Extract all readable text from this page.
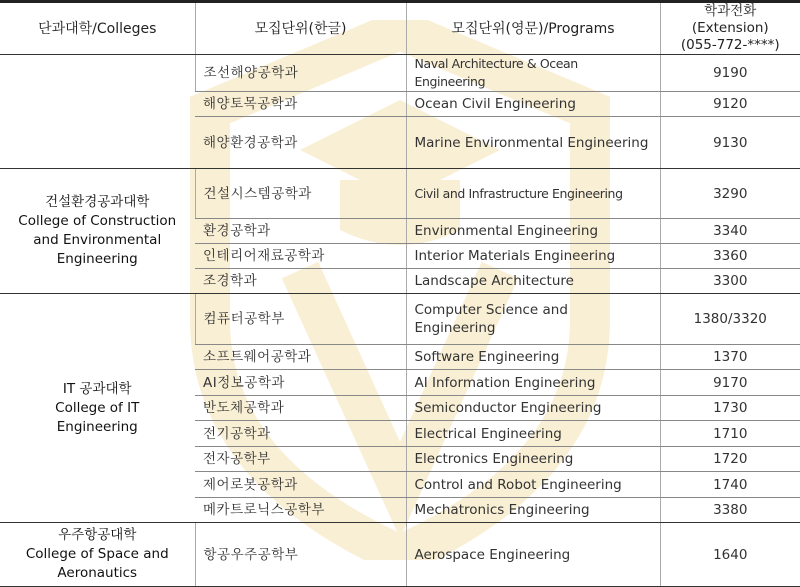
단과대학/Colleges	모집단위(한글)	모집단위(영문)/Programs	학과전화(Extension)
(055-772-****)

	조선해양공학과	Naval Architecture & Ocean Engineering	9190
	해양토목공학과	Ocean Civil Engineering	9120
	해양환경공학과	Marine Environmental Engineering	9130

건설환경공과대학
College of Construction and Environmental Engineering	건설시스템공학과	Civil and Infrastructure Engineering	3290
	환경공학과	Environmental Engineering	3340
	인테리어재료공학과	Interior Materials Engineering	3360
	조경학과	Landscape Architecture	3300

IT 공과대학
College of IT Engineering	컴퓨터공학부	Computer Science and Engineering	1380/3320
	소프트웨어공학과	Software Engineering	1370
	AI정보공학과	AI Information Engineering	9170
	반도체공학과	Semiconductor Engineering	1730
	전기공학과	Electrical Engineering	1710
	전자공학부	Electronics Engineering	1720
	제어로봇공학과	Control and Robot Engineering	1740
	메카트로닉스공학부	Mechatronics Engineering	3380

우주항공대학
College of Space and Aeronautics	항공우주공학부	Aerospace Engineering	1640
